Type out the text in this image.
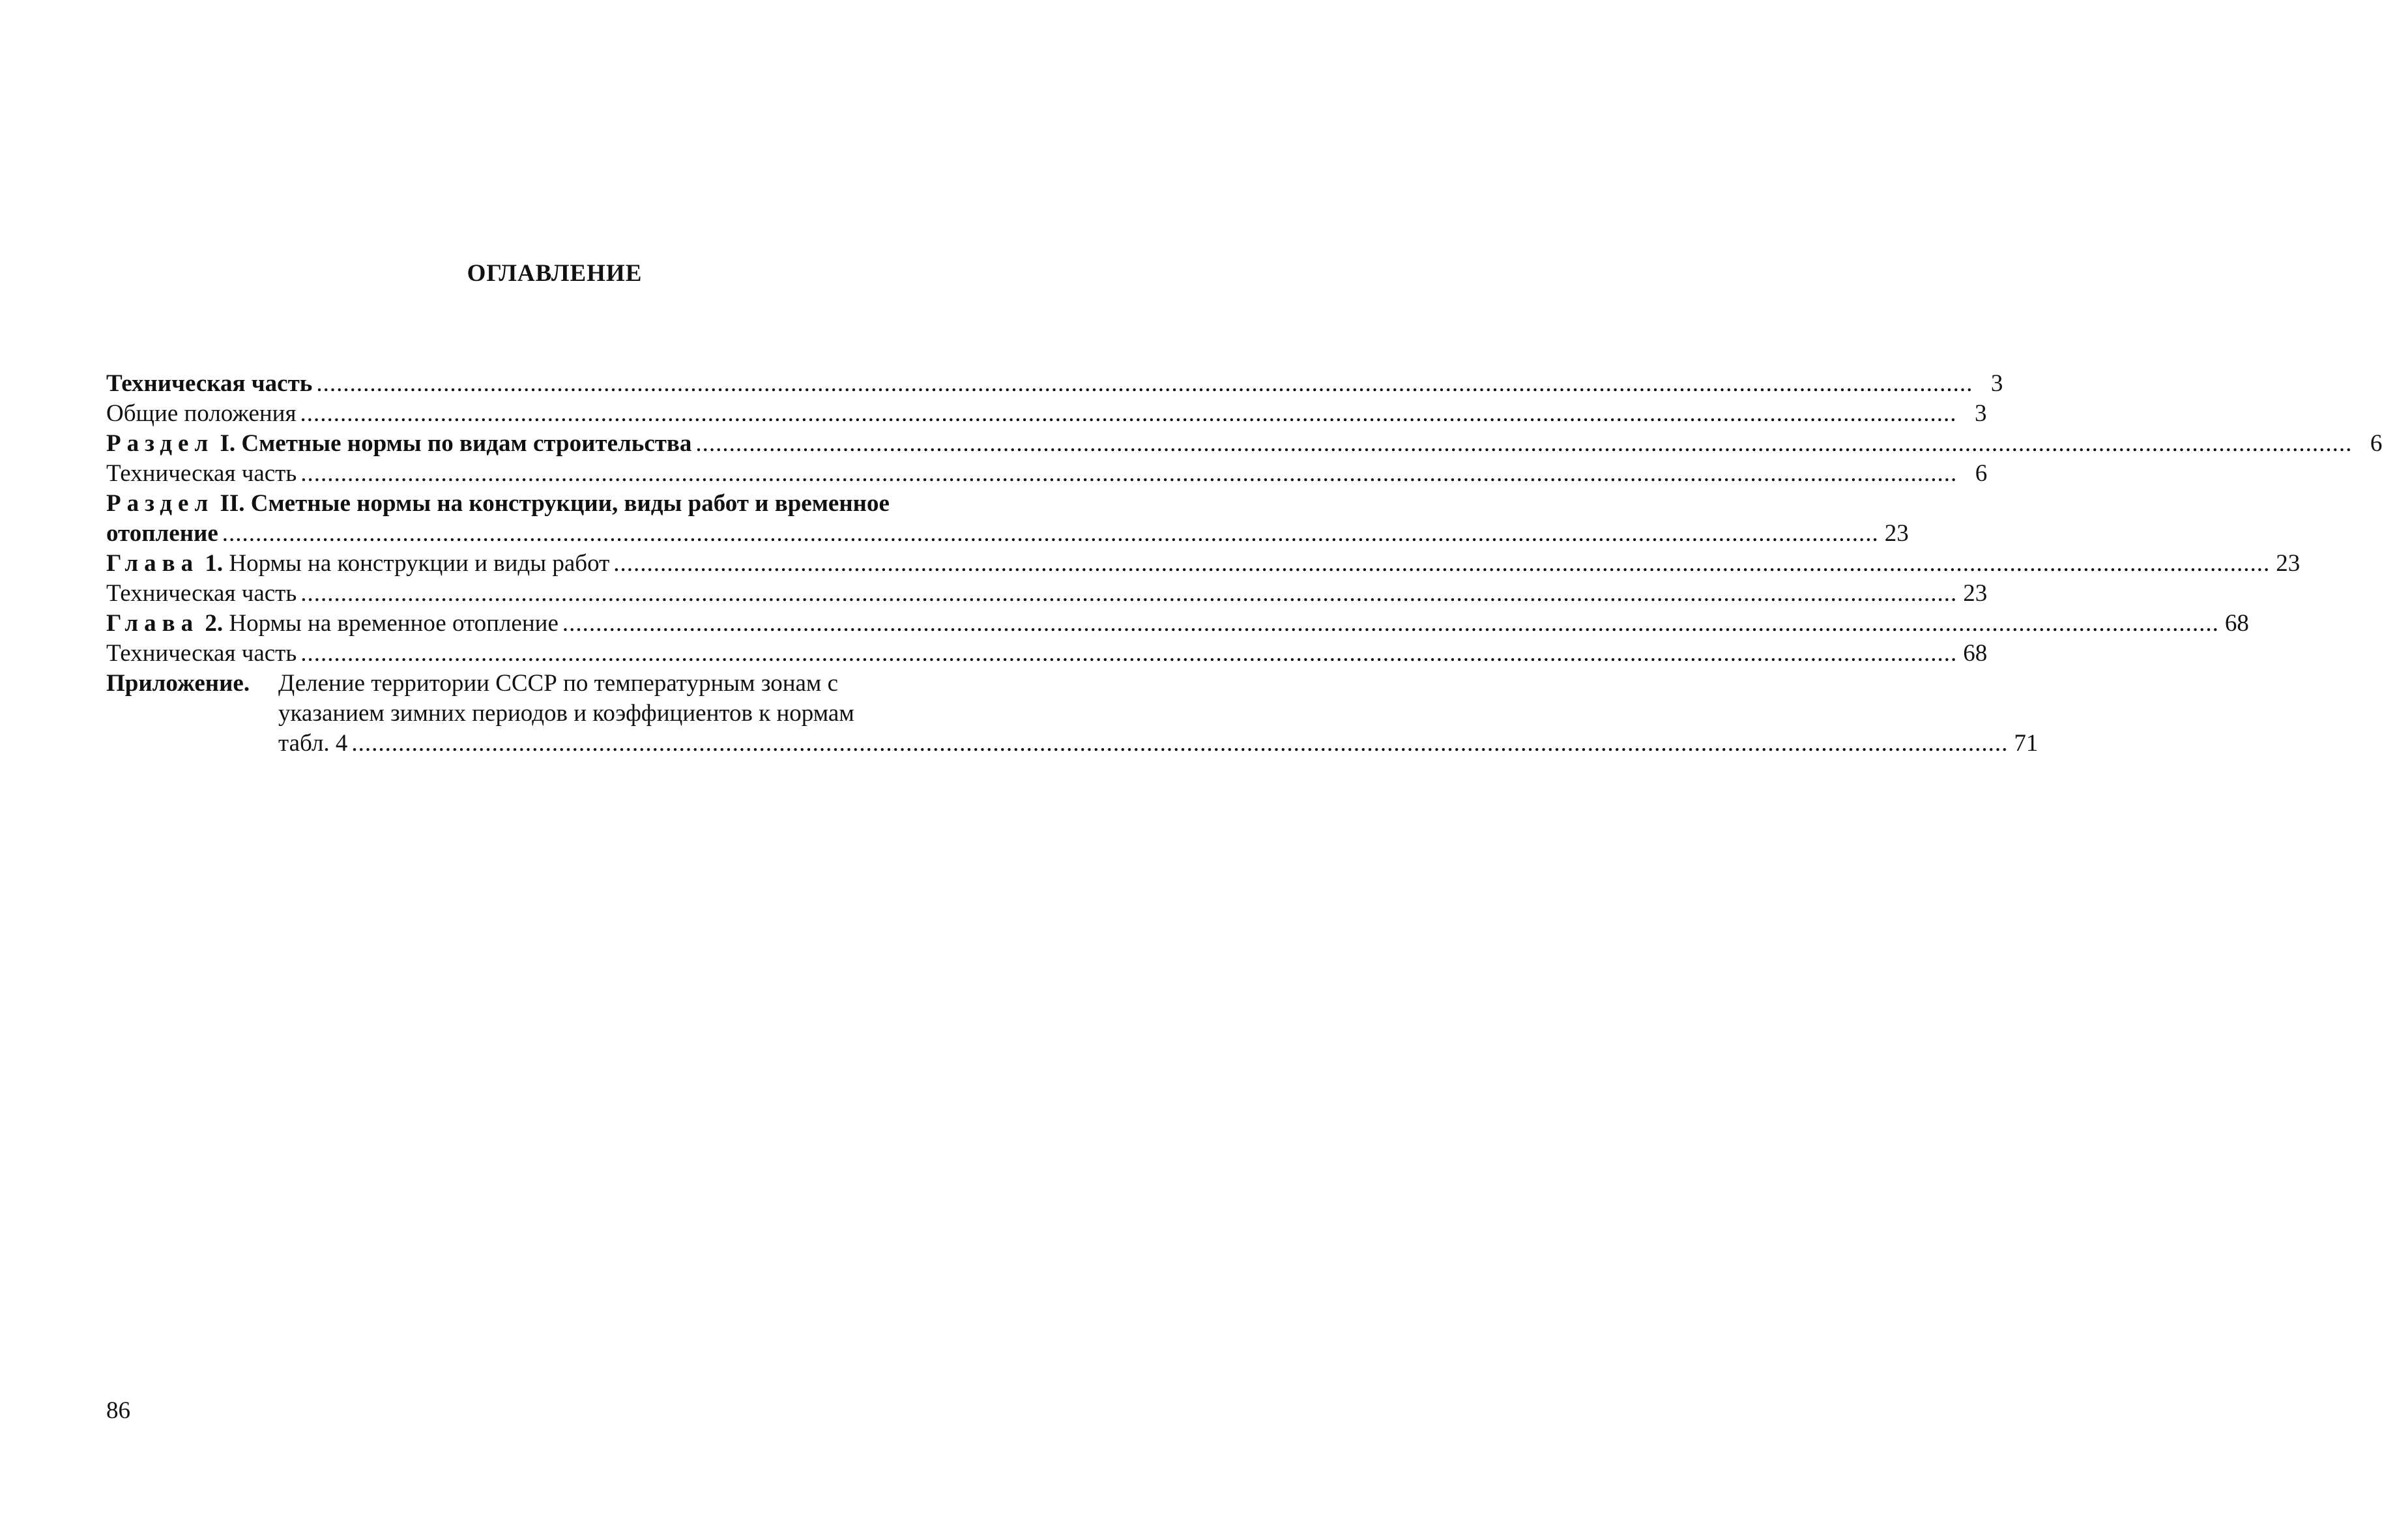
ОГЛАВЛЕНИЕ
Техническая часть .....	3
Общие положения .....	3
Раздел I. Сметные нормы по видам строительства .....	6
Техническая часть .....	6
Раздел II. Сметные нормы на конструкции, виды работ и временное
отопление .....	23
Глава 1. Нормы на конструкции и виды работ .....	23
Техническая часть .....	23
Глава 2. Нормы на временное отопление .....	68
Техническая часть .....	68
Приложение.	Деление территории СССР по температурным зонам с
указанием зимних периодов и коэффициентов к нормам
табл. 4 .....	71

86
